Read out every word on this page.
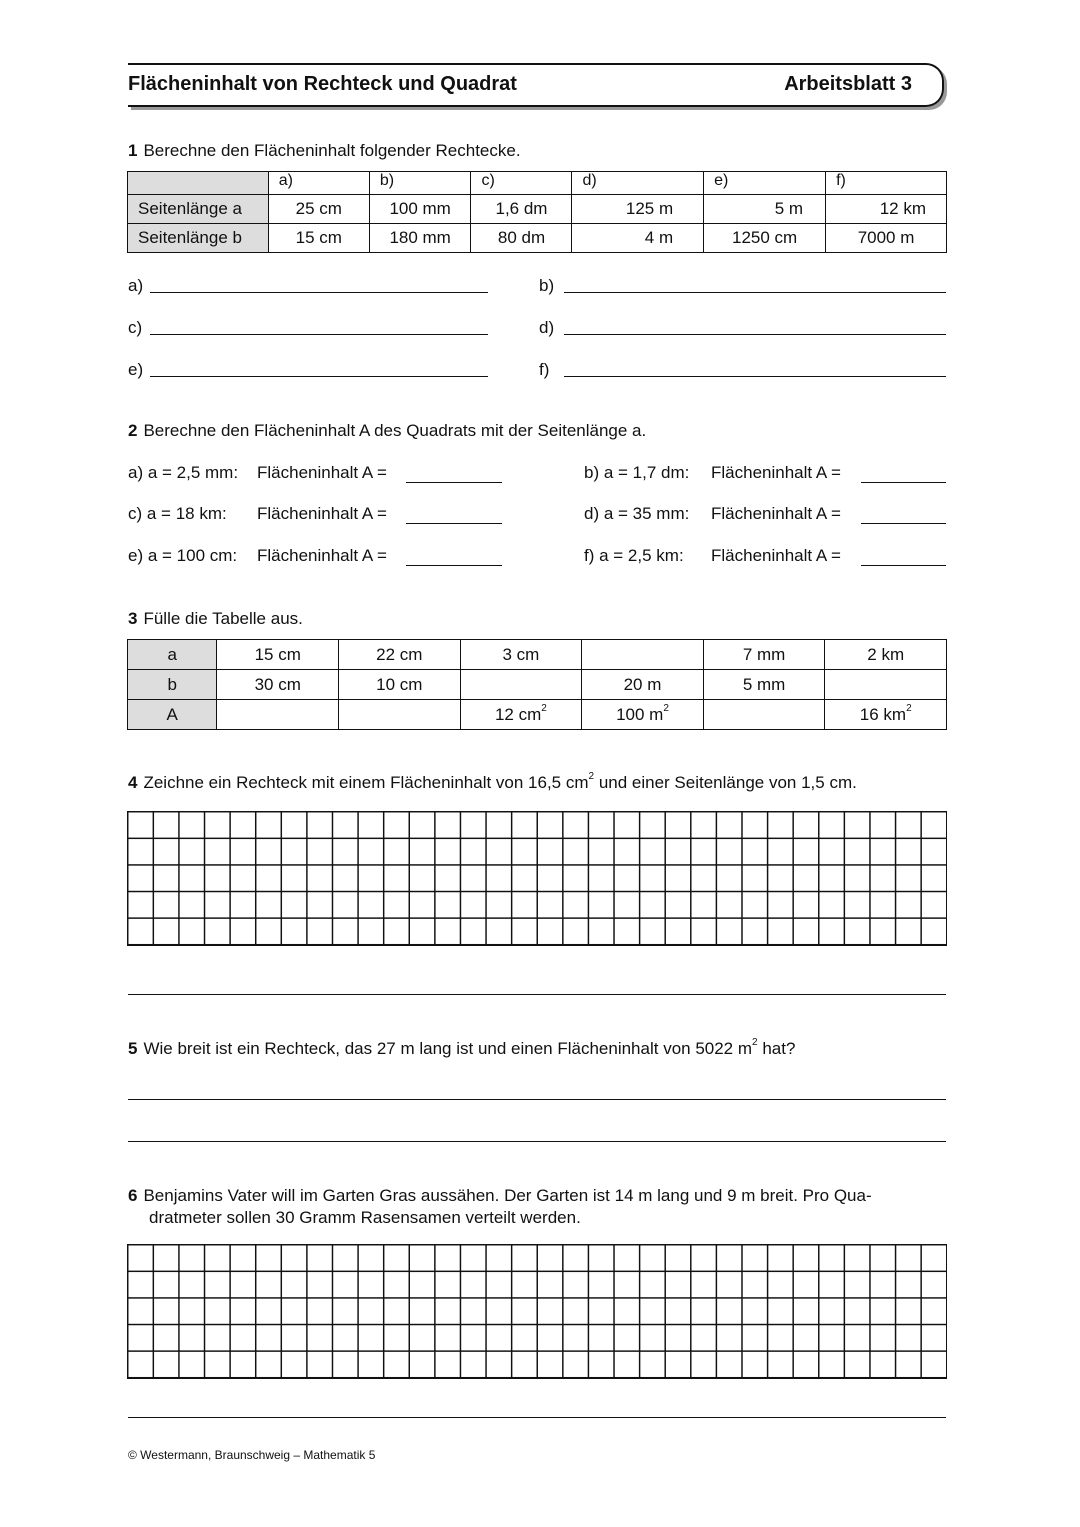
Flächeninhalt von Rechteck und Quadrat	Arbeitsblatt 3
1 Berechne den Flächeninhalt folgender Rechtecke.

	a)	b)	c)	d)	e)	f)

Seitenlänge a	25 cm	100 mm	1,6 dm	125 m	5 m	12 km
Seitenlänge b	15 cm	180 mm	80 dm	4 m	1250 cm	7000 m
a)	b)
c)	d)
e)	f)
2 Berechne den Flächeninhalt A des Quadrats mit der Seitenlänge a.
a) a = 2,5 mm: Flächeninhalt A =	b) a = 1,7 dm: Flächeninhalt A =
c) a = 18 km: Flächeninhalt A =	d) a = 35 mm: Flächeninhalt A =
e) a = 100 cm: Flächeninhalt A =	f) a = 2,5 km: Flächeninhalt A =
3 Fülle die Tabelle aus.
a	15 cm	22 cm	3 cm		7 mm	2 km
b	30 cm	10 cm		20 m	5 mm	
A			12 $cm^2$	100 $m^2$		16 $km^2$
4 Zeichne ein Rechteck mit einem Flächeninhalt von 16,5 $cm^2$ und einer Seitenlänge von 1,5 cm.
5 Wie breit ist ein Rechteck, das 27 m lang ist und einen Flächeninhalt von 5022 $m^2$ hat?
6 Benjamins Vater will im Garten Gras aussähen. Der Garten ist 14 m lang und 9 m breit. Pro Qua-
dratmeter sollen 30 Gramm Rasensamen verteilt werden.
© Westermann, Braunschweig – Mathematik 5
